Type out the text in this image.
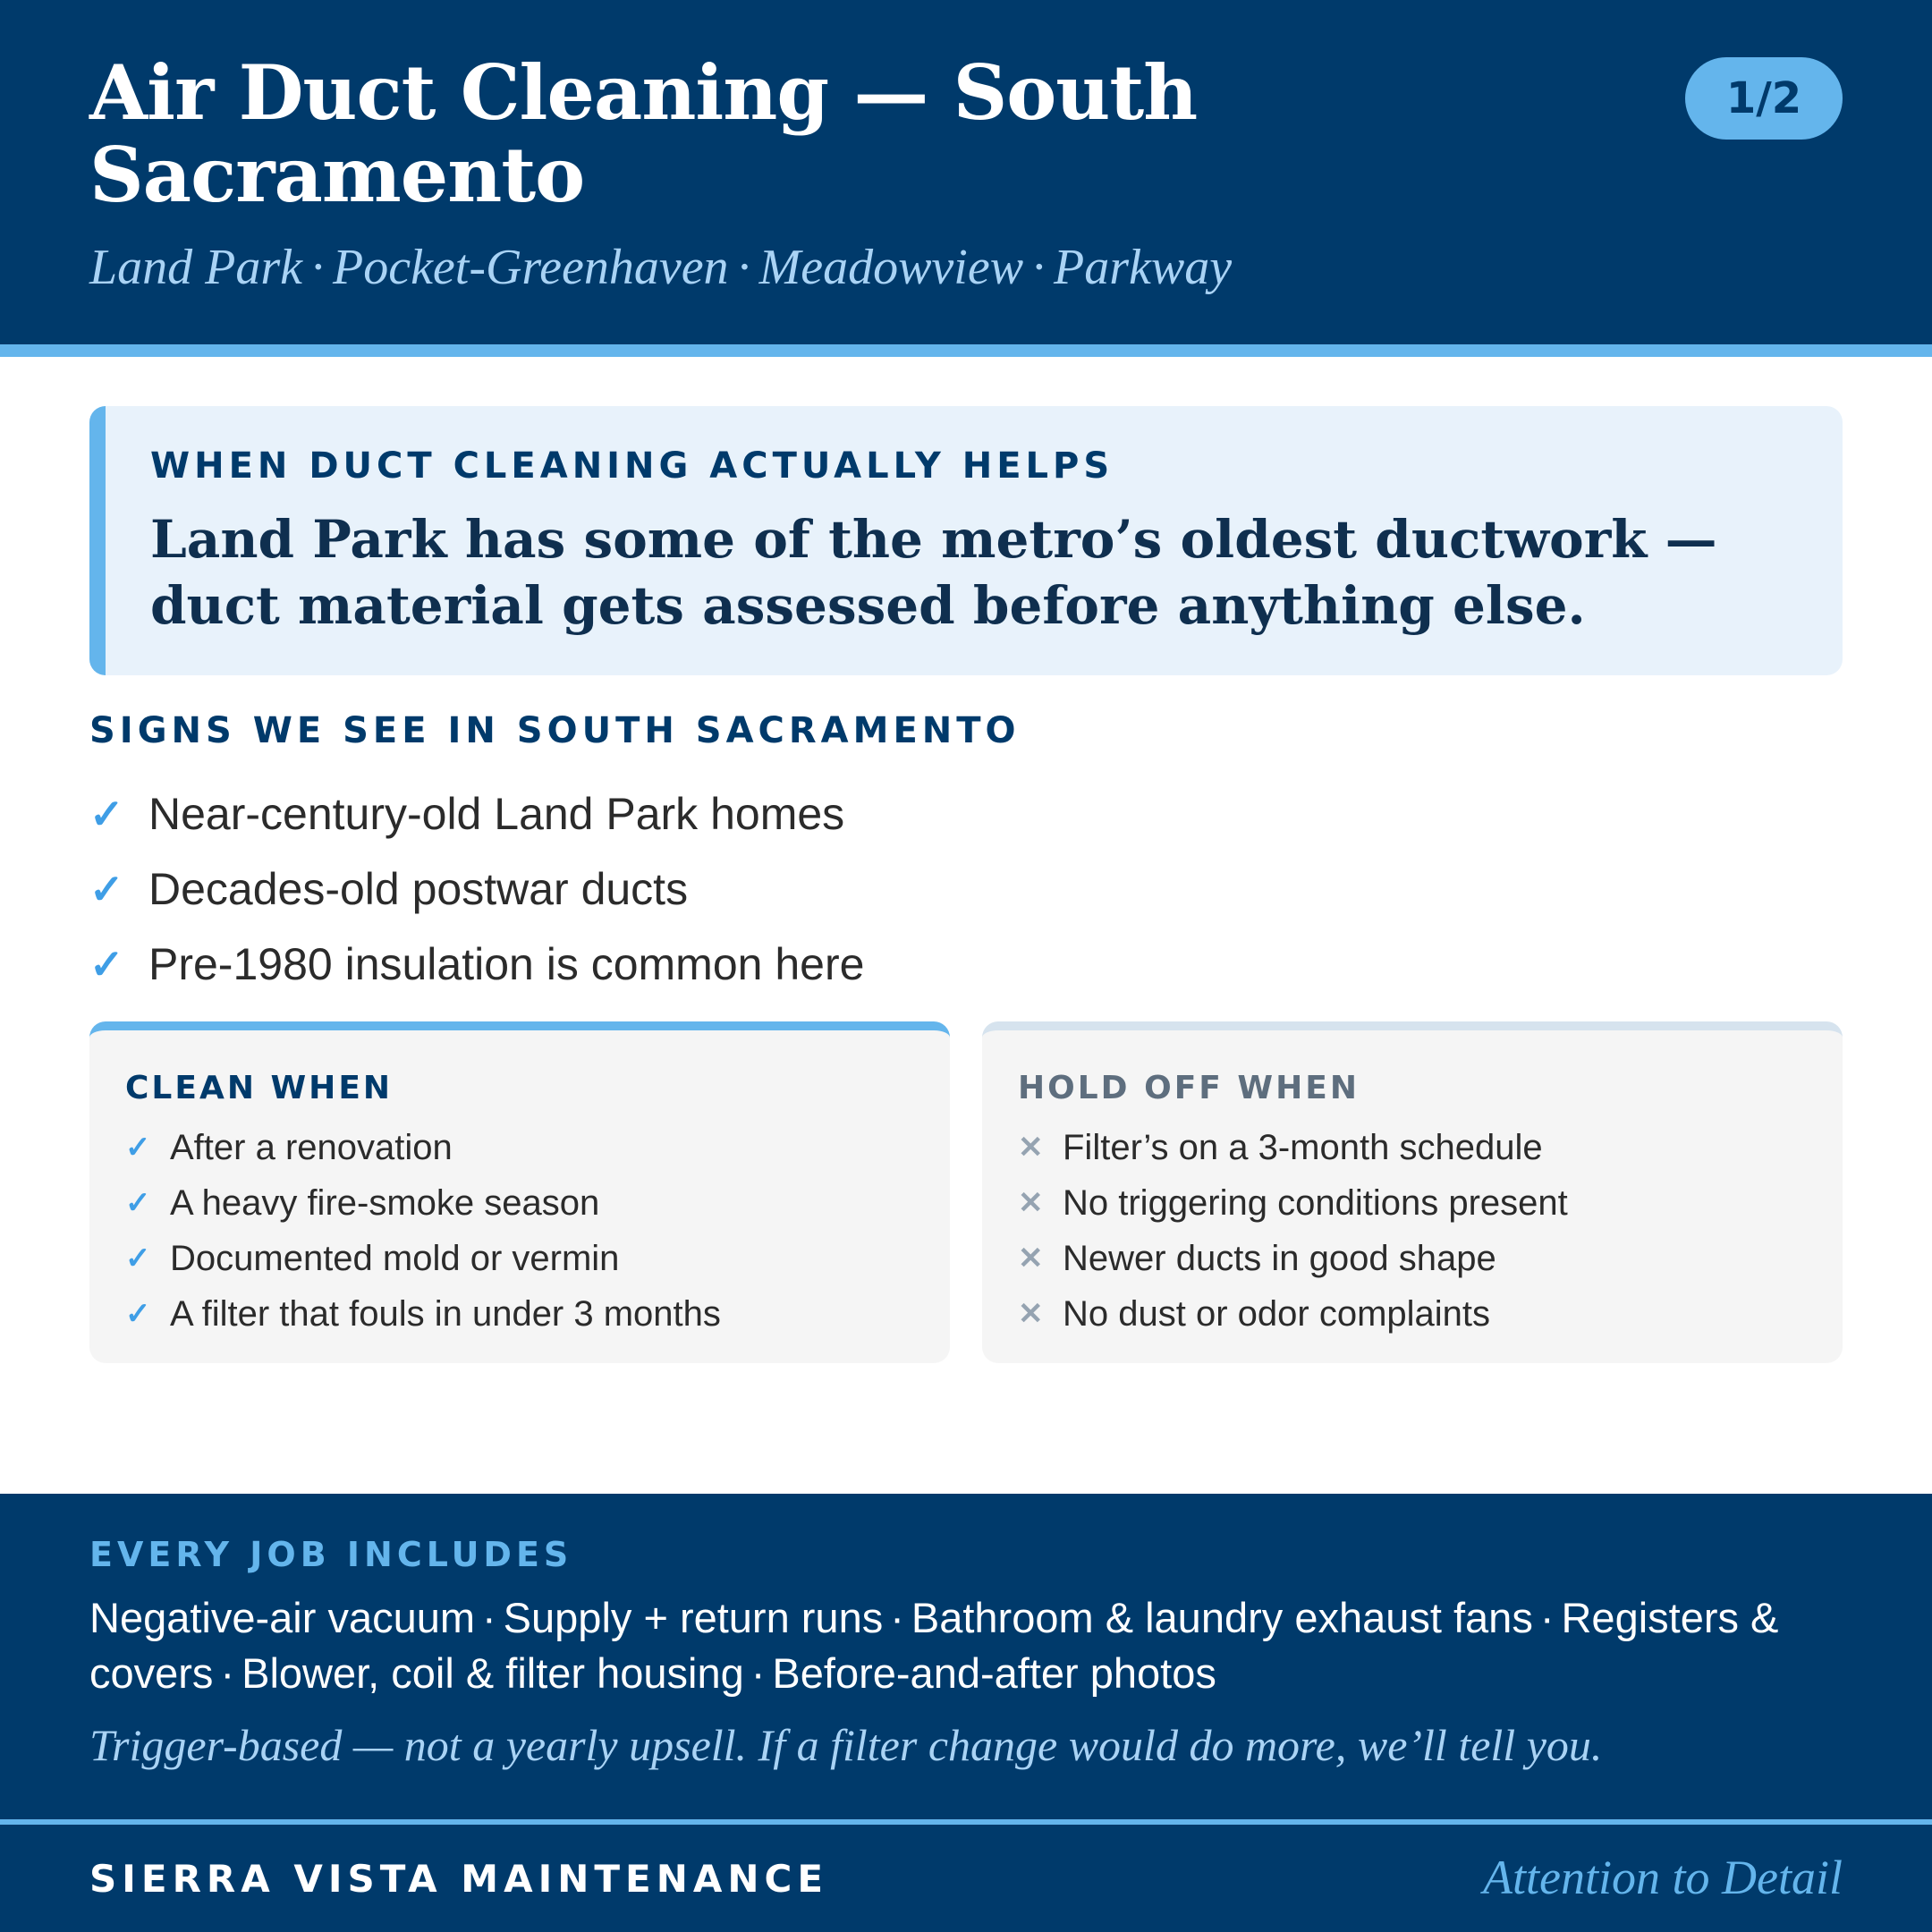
Air Duct Cleaning — South Sacramento
1/2

Land Park · Pocket-Greenhaven · Meadowview · Parkway

WHEN DUCT CLEANING ACTUALLY HELPS

Land Park has some of the metro’s oldest ductwork — duct material gets assessed before anything else.

SIGNS WE SEE IN SOUTH SACRAMENTO
✓ Near-century-old Land Park homes
✓ Decades-old postwar ducts
✓ Pre-1980 insulation is common here
CLEAN WHEN
✓ After a renovation
✓ A heavy fire-smoke season
✓ Documented mold or vermin
✓ A filter that fouls in under 3 months
HOLD OFF WHEN
✕ Filter’s on a 3-month schedule
✕ No triggering conditions present
✕ Newer ducts in good shape
✕ No dust or odor complaints
EVERY JOB INCLUDES

Negative-air vacuum · Supply + return runs · Bathroom & laundry exhaust fans · Registers & covers · Blower, coil & filter housing · Before-and-after photos

Trigger-based — not a yearly upsell. If a filter change would do more, we’ll tell you.

SIERRA VISTA MAINTENANCE	Attention to Detail
